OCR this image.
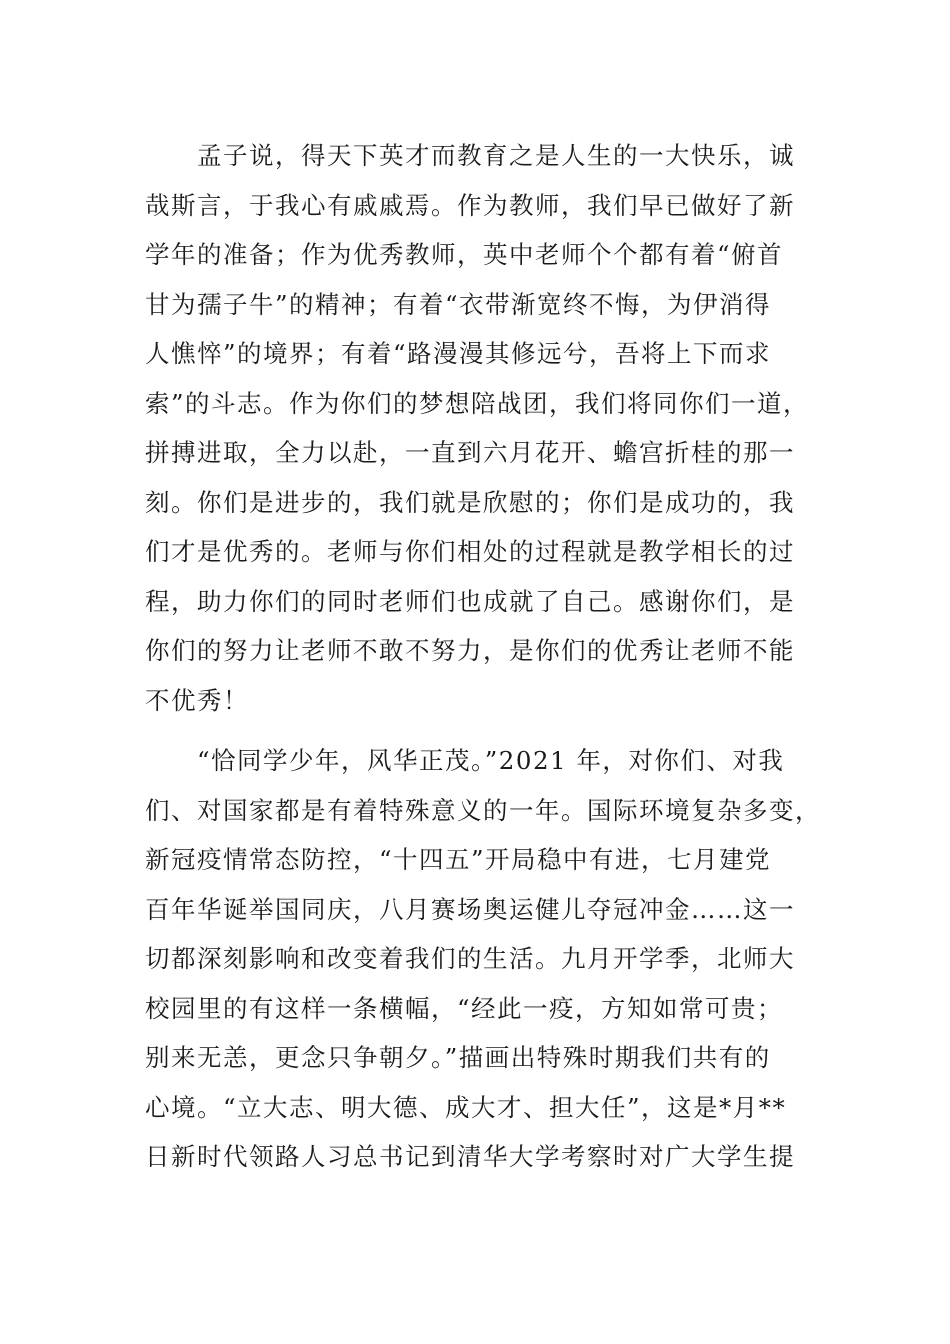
孟子说，得天下英才而教育之是人生的一大快乐，诚
哉斯言，于我心有戚戚焉。作为教师，我们早已做好了新
学年的准备；作为优秀教师，英中老师个个都有着“俯首
甘为孺子牛”的精神；有着“衣带渐宽终不悔，为伊消得
人憔悴”的境界；有着“路漫漫其修远兮，吾将上下而求
索”的斗志。作为你们的梦想陪战团，我们将同你们一道，
拼搏进取，全力以赴，一直到六月花开、蟾宫折桂的那一
刻。你们是进步的，我们就是欣慰的；你们是成功的，我
们才是优秀的。老师与你们相处的过程就是教学相长的过
程，助力你们的同时老师们也成就了自己。感谢你们，是
你们的努力让老师不敢不努力，是你们的优秀让老师不能
不优秀！
“恰同学少年，风华正茂。”2021 年，对你们、对我
们、对国家都是有着特殊意义的一年。国际环境复杂多变，
新冠疫情常态防控，“十四五”开局稳中有进，七月建党
百年华诞举国同庆，八月赛场奥运健儿夺冠冲金……这一
切都深刻影响和改变着我们的生活。九月开学季，北师大
校园里的有这样一条横幅，“经此一疫，方知如常可贵；
别来无恙，更念只争朝夕。”描画出特殊时期我们共有的
心境。“立大志、明大德、成大才、担大任”，这是*月**
日新时代领路人习总书记到清华大学考察时对广大学生提
